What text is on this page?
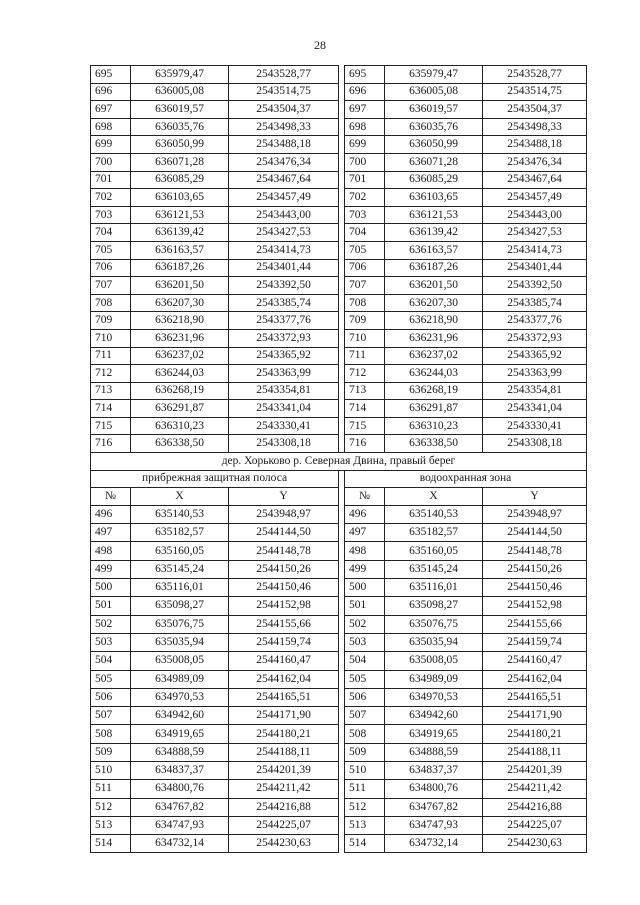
28
695	635979,47	2543528,77		695	635979,47	2543528,77
696	636005,08	2543514,75		696	636005,08	2543514,75
697	636019,57	2543504,37		697	636019,57	2543504,37
698	636035,76	2543498,33		698	636035,76	2543498,33
699	636050,99	2543488,18		699	636050,99	2543488,18
700	636071,28	2543476,34		700	636071,28	2543476,34
701	636085,29	2543467,64		701	636085,29	2543467,64
702	636103,65	2543457,49		702	636103,65	2543457,49
703	636121,53	2543443,00		703	636121,53	2543443,00
704	636139,42	2543427,53		704	636139,42	2543427,53
705	636163,57	2543414,73		705	636163,57	2543414,73
706	636187,26	2543401,44		706	636187,26	2543401,44
707	636201,50	2543392,50		707	636201,50	2543392,50
708	636207,30	2543385,74		708	636207,30	2543385,74
709	636218,90	2543377,76		709	636218,90	2543377,76
710	636231,96	2543372,93		710	636231,96	2543372,93
711	636237,02	2543365,92		711	636237,02	2543365,92
712	636244,03	2543363,99		712	636244,03	2543363,99
713	636268,19	2543354,81		713	636268,19	2543354,81
714	636291,87	2543341,04		714	636291,87	2543341,04
715	636310,23	2543330,41		715	636310,23	2543330,41
716	636338,50	2543308,18		716	636338,50	2543308,18
дер. Хорьково р. Северная Двина, правый берег						
прибрежная защитная полоса				водоохранная зона		
№	X	Y		№	X	Y
496	635140,53	2543948,97		496	635140,53	2543948,97
497	635182,57	2544144,50		497	635182,57	2544144,50
498	635160,05	2544148,78		498	635160,05	2544148,78
499	635145,24	2544150,26		499	635145,24	2544150,26
500	635116,01	2544150,46		500	635116,01	2544150,46
501	635098,27	2544152,98		501	635098,27	2544152,98
502	635076,75	2544155,66		502	635076,75	2544155,66
503	635035,94	2544159,74		503	635035,94	2544159,74
504	635008,05	2544160,47		504	635008,05	2544160,47
505	634989,09	2544162,04		505	634989,09	2544162,04
506	634970,53	2544165,51		506	634970,53	2544165,51
507	634942,60	2544171,90		507	634942,60	2544171,90
508	634919,65	2544180,21		508	634919,65	2544180,21
509	634888,59	2544188,11		509	634888,59	2544188,11
510	634837,37	2544201,39		510	634837,37	2544201,39
511	634800,76	2544211,42		511	634800,76	2544211,42
512	634767,82	2544216,88		512	634767,82	2544216,88
513	634747,93	2544225,07		513	634747,93	2544225,07
514	634732,14	2544230,63		514	634732,14	2544230,63
